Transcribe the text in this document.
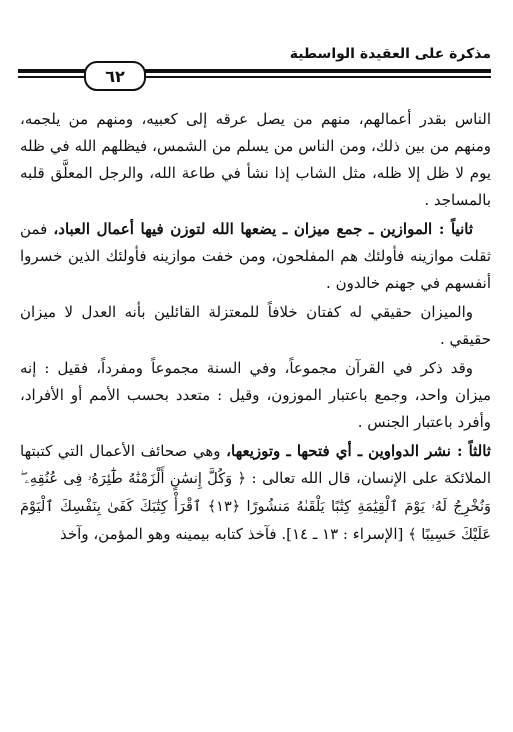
مذكرة على العقيدة الواسطية
٦٢

الناس بقدر أعمالهم، منهم من يصل عرقه إلى كعبيه، ومنهم من يلجمه، ومنهم من بين ذلك، ومن الناس من يسلم من الشمس، فيظلهم الله في ظله يوم لا ظل إلا ظله، مثل الشاب إذا نشأ في طاعة الله، والرجل المعلَّق قلبه بالمساجد .

ثانياً : الموازين ـ جمع ميزان ـ يضعها الله لتوزن فيها أعمال العباد، فمن ثقلت موازينه فأولئك هم المفلحون، ومن خفت موازينه فأولئك الذين خسروا أنفسهم في جهنم خالدون .

والميزان حقيقي له كفتان خلافاً للمعتزلة القائلين بأنه العدل لا ميزان حقيقي .

وقد ذكر في القرآن مجموعاً، وفي السنة مجموعاً ومفرداً، فقيل : إنه ميزان واحد، وجمع باعتبار الموزون، وقيل : متعدد بحسب الأمم أو الأفراد، وأفرد باعتبار الجنس .

ثالثاً : نشر الدواوين ـ أي فتحها ـ وتوزيعها، وهي صحائف الأعمال التي كتبتها الملائكة على الإنسان، قال الله تعالى : ﴿ وَكُلَّ إِنسَٰنٍ أَلْزَمْنَٰهُ طَٰٓئِرَهُۥ فِى عُنُقِهِۦ ۖ وَنُخْرِجُ لَهُۥ يَوْمَ ٱلْقِيَٰمَةِ كِتَٰبًا يَلْقَىٰهُ مَنشُورًا ﴿١٣﴾ ٱقْرَأْ كِتَٰبَكَ كَفَىٰ بِنَفْسِكَ ٱلْيَوْمَ عَلَيْكَ حَسِيبًا ﴾ [الإسراء : ١٣ ـ ١٤]. فآخذ كتابه بيمينه وهو المؤمن، وآخذ
